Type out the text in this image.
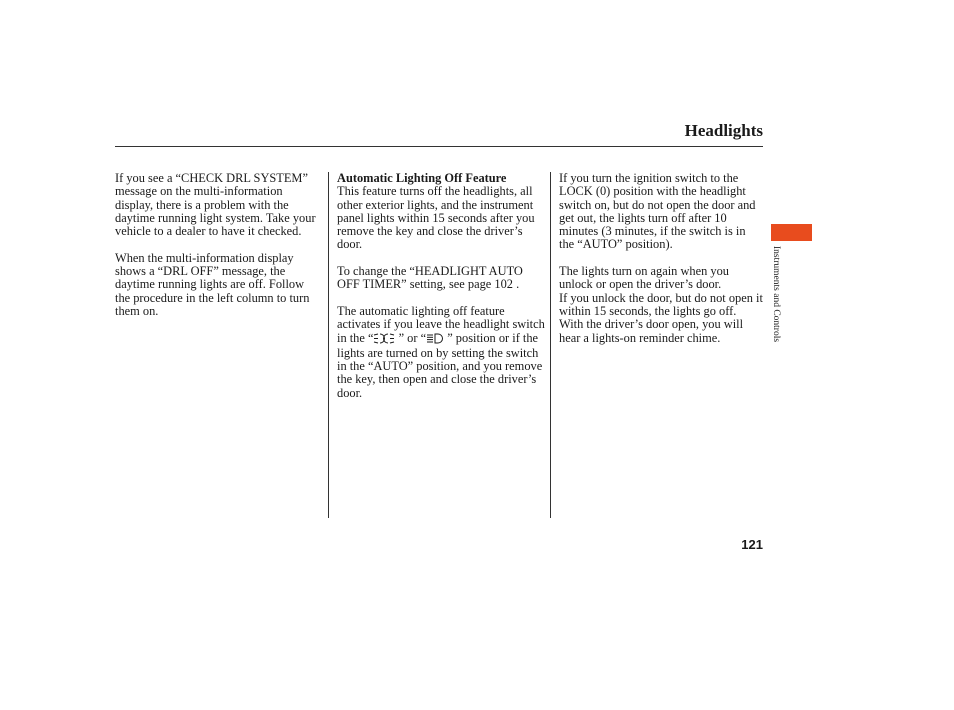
Headlights

If you see a “CHECK DRL SYSTEM” message on the multi-information display, there is a problem with the daytime running light system. Take your vehicle to a dealer to have it checked.

When the multi-information display shows a “DRL OFF” message, the daytime running lights are off. Follow the procedure in the left column to turn them on.

Automatic Lighting Off Feature

This feature turns off the headlights, all other exterior lights, and the instrument panel lights within 15 seconds after you remove the key and close the driver’s door.

To change the “HEADLIGHT AUTO OFF TIMER” setting, see page 102 .

The automatic lighting off feature activates if you leave the headlight switch in the “ ” or “ ” position or if the lights are turned on by setting the switch in the “AUTO” position, and you remove the key, then open and close the driver’s door.

If you turn the ignition switch to the LOCK (0) position with the headlight switch on, but do not open the door and get out, the lights turn off after 10 minutes (3 minutes, if the switch is in the “AUTO” position).

The lights turn on again when you unlock or open the driver’s door.

If you unlock the door, but do not open it within 15 seconds, the lights go off. With the driver’s door open, you will hear a lights-on reminder chime.	Instruments and Controls
121
